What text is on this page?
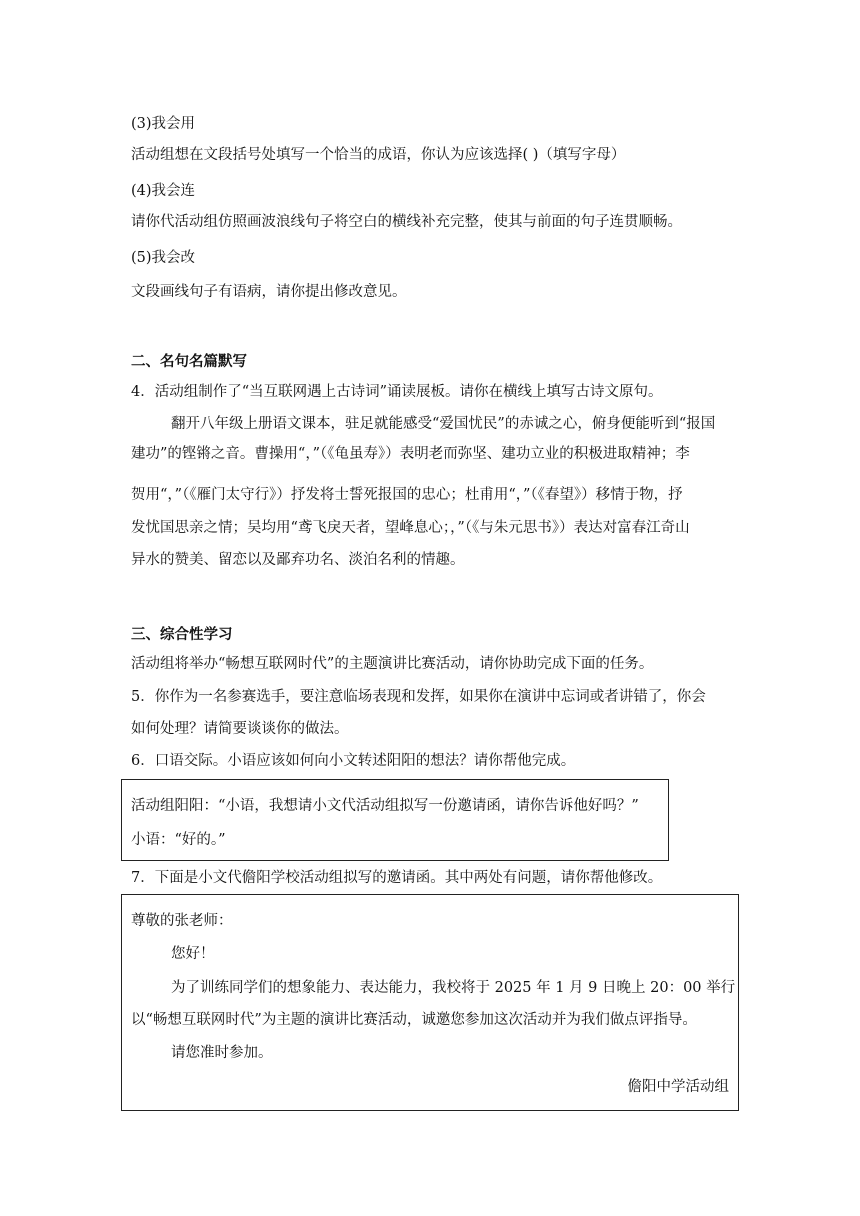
(3)我会用
活动组想在文段括号处填写一个恰当的成语，你认为应该选择( )（填写字母）
(4)我会连
请你代活动组仿照画波浪线句子将空白的横线补充完整，使其与前面的句子连贯顺畅。
(5)我会改
文段画线句子有语病，请你提出修改意见。
二、名句名篇默写
4．活动组制作了“当互联网遇上古诗词”诵读展板。请你在横线上填写古诗文原句。
翻开八年级上册语文课本，驻足就能感受“爱国忧民”的赤诚之心，俯身便能听到“报国
建功”的铿锵之音。曹操用“，”（《龟虽寿》）表明老而弥坚、建功立业的积极进取精神；李
贺用“，”（《雁门太守行》）抒发将士誓死报国的忠心；杜甫用“，”（《春望》）移情于物，抒
发忧国思亲之情；吴均用“鸢飞戾天者，望峰息心；，”（《与朱元思书》）表达对富春江奇山
异水的赞美、留恋以及鄙弃功名、淡泊名利的情趣。
三、综合性学习
活动组将举办“畅想互联网时代”的主题演讲比赛活动，请你协助完成下面的任务。
5．你作为一名参赛选手，要注意临场表现和发挥，如果你在演讲中忘词或者讲错了，你会
如何处理？请简要谈谈你的做法。
6．口语交际。小语应该如何向小文转述阳阳的想法？请你帮他完成。
活动组阳阳：“小语，我想请小文代活动组拟写一份邀请函，请你告诉他好吗？”
小语：“好的。”
7．下面是小文代儋阳学校活动组拟写的邀请函。其中两处有问题，请你帮他修改。
尊敬的张老师：
您好！
为了训练同学们的想象能力、表达能力，我校将于 2025 年 1 月 9 日晚上 20：00 举行
以“畅想互联网时代”为主题的演讲比赛活动，诚邀您参加这次活动并为我们做点评指导。
请您准时参加。
儋阳中学活动组
